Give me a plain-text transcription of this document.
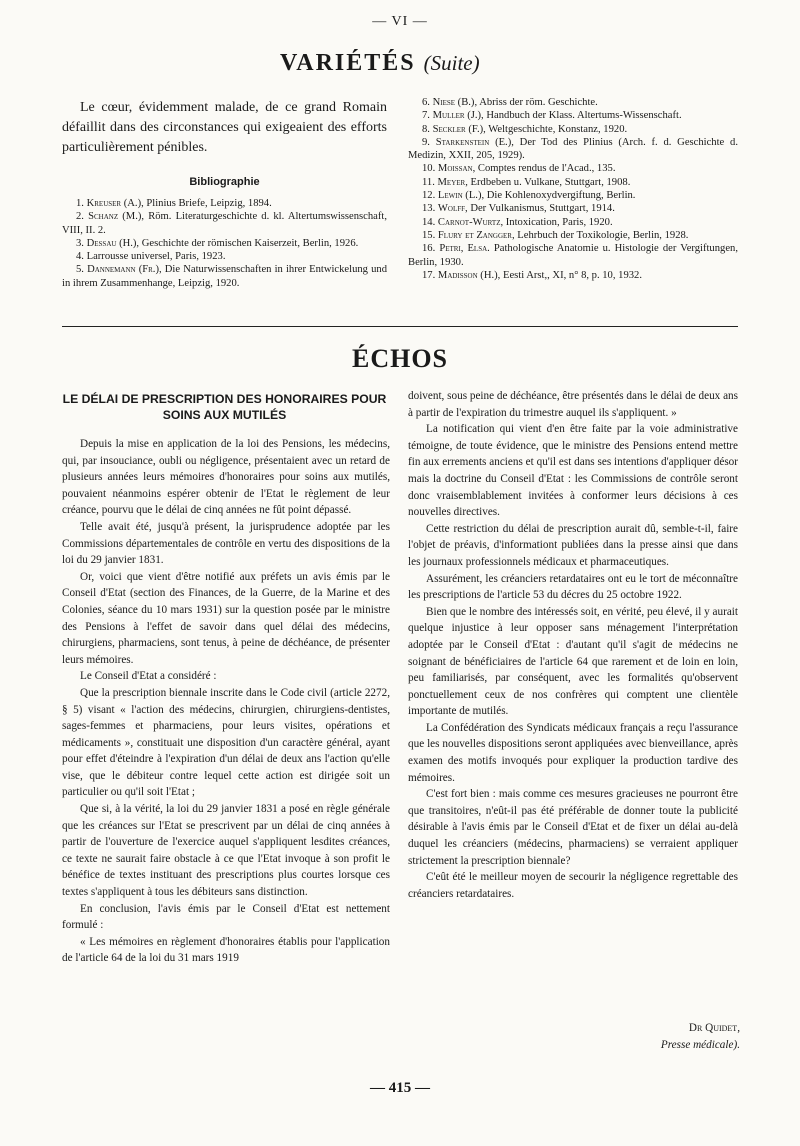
— VI —
VARIÉTÉS (Suite)
Le cœur, évidemment malade, de ce grand Romain défaillit dans des circonstances qui exigeaient des efforts particulièrement pénibles.
Bibliographie
1. Kreuser (A.), Plinius Briefe, Leipzig, 1894.
2. Schanz (M.), Röm. Literaturgeschichte d. kl. Altertumswissenschaft, VIII, II. 2.
3. Dessau (H.), Geschichte der römischen Kaiserzeit, Berlin, 1926.
4. Larrousse universel, Paris, 1923.
5. Dannemann (Fr.), Die Naturwissenschaften in ihrer Entwickelung und in ihrem Zusammenhange, Leipzig, 1920.
6. Niese (B.), Abriss der röm. Geschichte.
7. Muller (J.), Handbuch der Klass. Altertums-Wissenschaft.
8. Seckler (F.), Weltgeschichte, Konstanz, 1920.
9. Starkenstein (E.), Der Tod des Plinius (Arch. f. d. Geschichte d. Medizin, XXII, 205, 1929).
10. Moissan, Comptes rendus de l'Acad., 135.
11. Meyer, Erdbeben u. Vulkane, Stuttgart, 1908.
12. Lewin (L.), Die Kohlenoxydvergiftung, Berlin.
13. Wolff, Der Vulkanismus, Stuttgart, 1914.
14. Carnot-Wurtz, Intoxication, Paris, 1920.
15. Flury et Zangger, Lehrbuch der Toxikologie, Berlin, 1928.
16. Petri, Elsa. Pathologische Anatomie u. Histologie der Vergiftungen, Berlin, 1930.
17. Madisson (H.), Eesti Arst,, XI, n° 8, p. 10, 1932.
ÉCHOS
LE DÉLAI DE PRESCRIPTION DES HONORAIRES POUR SOINS AUX MUTILÉS

Depuis la mise en application de la loi des Pensions, les médecins, qui, par insouciance, oubli ou négligence, présentaient avec un retard de plusieurs années leurs mémoires d'honoraires pour soins aux mutilés, pouvaient néanmoins espérer obtenir de l'Etat le règlement de leur créance, pourvu que le délai de cinq années ne fût point dépassé.

Telle avait été, jusqu'à présent, la jurisprudence adoptée par les Commissions départementales de contrôle en vertu des dispositions de la loi du 29 janvier 1831.

Or, voici que vient d'être notifié aux préfets un avis émis par le Conseil d'Etat (section des Finances, de la Guerre, de la Marine et des Colonies, séance du 10 mars 1931) sur la question posée par le ministre des Pensions à l'effet de savoir dans quel délai des médecins, chirurgiens, pharmaciens, sont tenus, à peine de déchéance, de présenter leurs mémoires.

Le Conseil d'Etat a considéré :

Que la prescription biennale inscrite dans le Code civil (article 2272, § 5) visant « l'action des médecins, chirurgien, chirurgiens-dentistes, sages-femmes et pharmaciens, pour leurs visites, opérations et médicaments », constituait une disposition d'un caractère général, ayant pour effet d'éteindre à l'expiration d'un délai de deux ans l'action qu'elle vise, que le débiteur contre lequel cette action est dirigée soit un particulier ou qu'il soit l'Etat ;

Que si, à la vérité, la loi du 29 janvier 1831 a posé en règle générale que les créances sur l'Etat se prescrivent par un délai de cinq années à partir de l'ouverture de l'exercice auquel s'appliquent lesdites créances, ce texte ne saurait faire obstacle à ce que l'Etat invoque à son profit le bénéfice de textes instituant des prescriptions plus courtes lorsque ces textes s'appliquent à tous les débiteurs sans distinction.

En conclusion, l'avis émis par le Conseil d'Etat est nettement formulé :

« Les mémoires en règlement d'honoraires établis pour l'application de l'article 64 de la loi du 31 mars 1919

doivent, sous peine de déchéance, être présentés dans le délai de deux ans à partir de l'expiration du trimestre auquel ils s'appliquent. »

La notification qui vient d'en être faite par la voie administrative témoigne, de toute évidence, que le ministre des Pensions entend mettre fin aux errements anciens et qu'il est dans ses intentions d'appliquer désor mais la doctrine du Conseil d'Etat : les Commissions de contrôle seront donc vraisemblablement invitées à conformer leurs décisions à ces nouvelles directives.

Cette restriction du délai de prescription aurait dû, semble-t-il, faire l'objet de préavis, d'informationt publiées dans la presse ainsi que dans les journaux professionnels médicaux et pharmaceutiques.

Assurément, les créanciers retardataires ont eu le tort de méconnaître les prescriptions de l'article 53 du décres du 25 octobre 1922.

Bien que le nombre des intéressés soit, en vérité, peu élevé, il y aurait quelque injustice à leur opposer sans ménagement l'interprétation adoptée par le Conseil d'Etat : d'autant qu'il s'agit de médecins ne soignant de bénéficiaires de l'article 64 que rarement et de loin en loin, peu familiarisés, par conséquent, avec les formalités qu'observent ponctuellement ceux de nos confrères qui comptent une clientèle importante de mutilés.

La Confédération des Syndicats médicaux français a reçu l'assurance que les nouvelles dispositions seront appliquées avec bienveillance, après examen des motifs invoqués pour expliquer la production tardive des mémoires.

C'est fort bien : mais comme ces mesures gracieuses ne pourront être que transitoires, n'eût-il pas été préférable de donner toute la publicité désirable à l'avis émis par le Conseil d'Etat et de fixer un délai au-delà duquel les créanciers (médecins, pharmaciens) se verraient appliquer strictement la prescription biennale?

C'eût été le meilleur moyen de secourir la négligence regrettable des créanciers retardataires.

Dr Quidet,
Presse médicale).
— 415 —
